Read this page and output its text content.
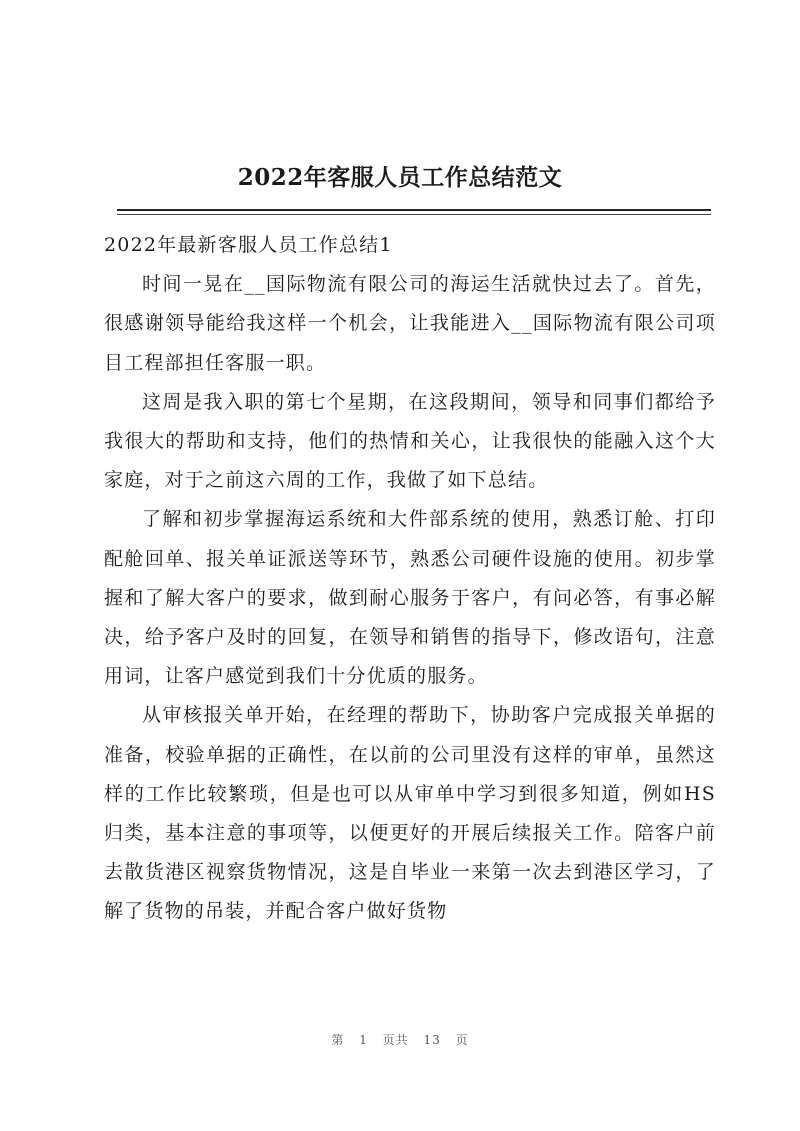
2022年客服人员工作总结范文

2022年最新客服人员工作总结1

时间一晃在__国际物流有限公司的海运生活就快过去了。首先，很感谢领导能给我这样一个机会，让我能进入__国际物流有限公司项目工程部担任客服一职。

这周是我入职的第七个星期，在这段期间，领导和同事们都给予我很大的帮助和支持，他们的热情和关心，让我很快的能融入这个大家庭，对于之前这六周的工作，我做了如下总结。

了解和初步掌握海运系统和大件部系统的使用，熟悉订舱、打印配舱回单、报关单证派送等环节，熟悉公司硬件设施的使用。初步掌握和了解大客户的要求，做到耐心服务于客户，有问必答，有事必解决，给予客户及时的回复，在领导和销售的指导下，修改语句，注意用词，让客户感觉到我们十分优质的服务。

从审核报关单开始，在经理的帮助下，协助客户完成报关单据的准备，校验单据的正确性，在以前的公司里没有这样的审单，虽然这样的工作比较繁琐，但是也可以从审单中学习到很多知道，例如HS归类，基本注意的事项等，以便更好的开展后续报关工作。陪客户前去散货港区视察货物情况，这是自毕业一来第一次去到港区学习，了解了货物的吊装，并配合客户做好货物

第 1 页共 13 页
